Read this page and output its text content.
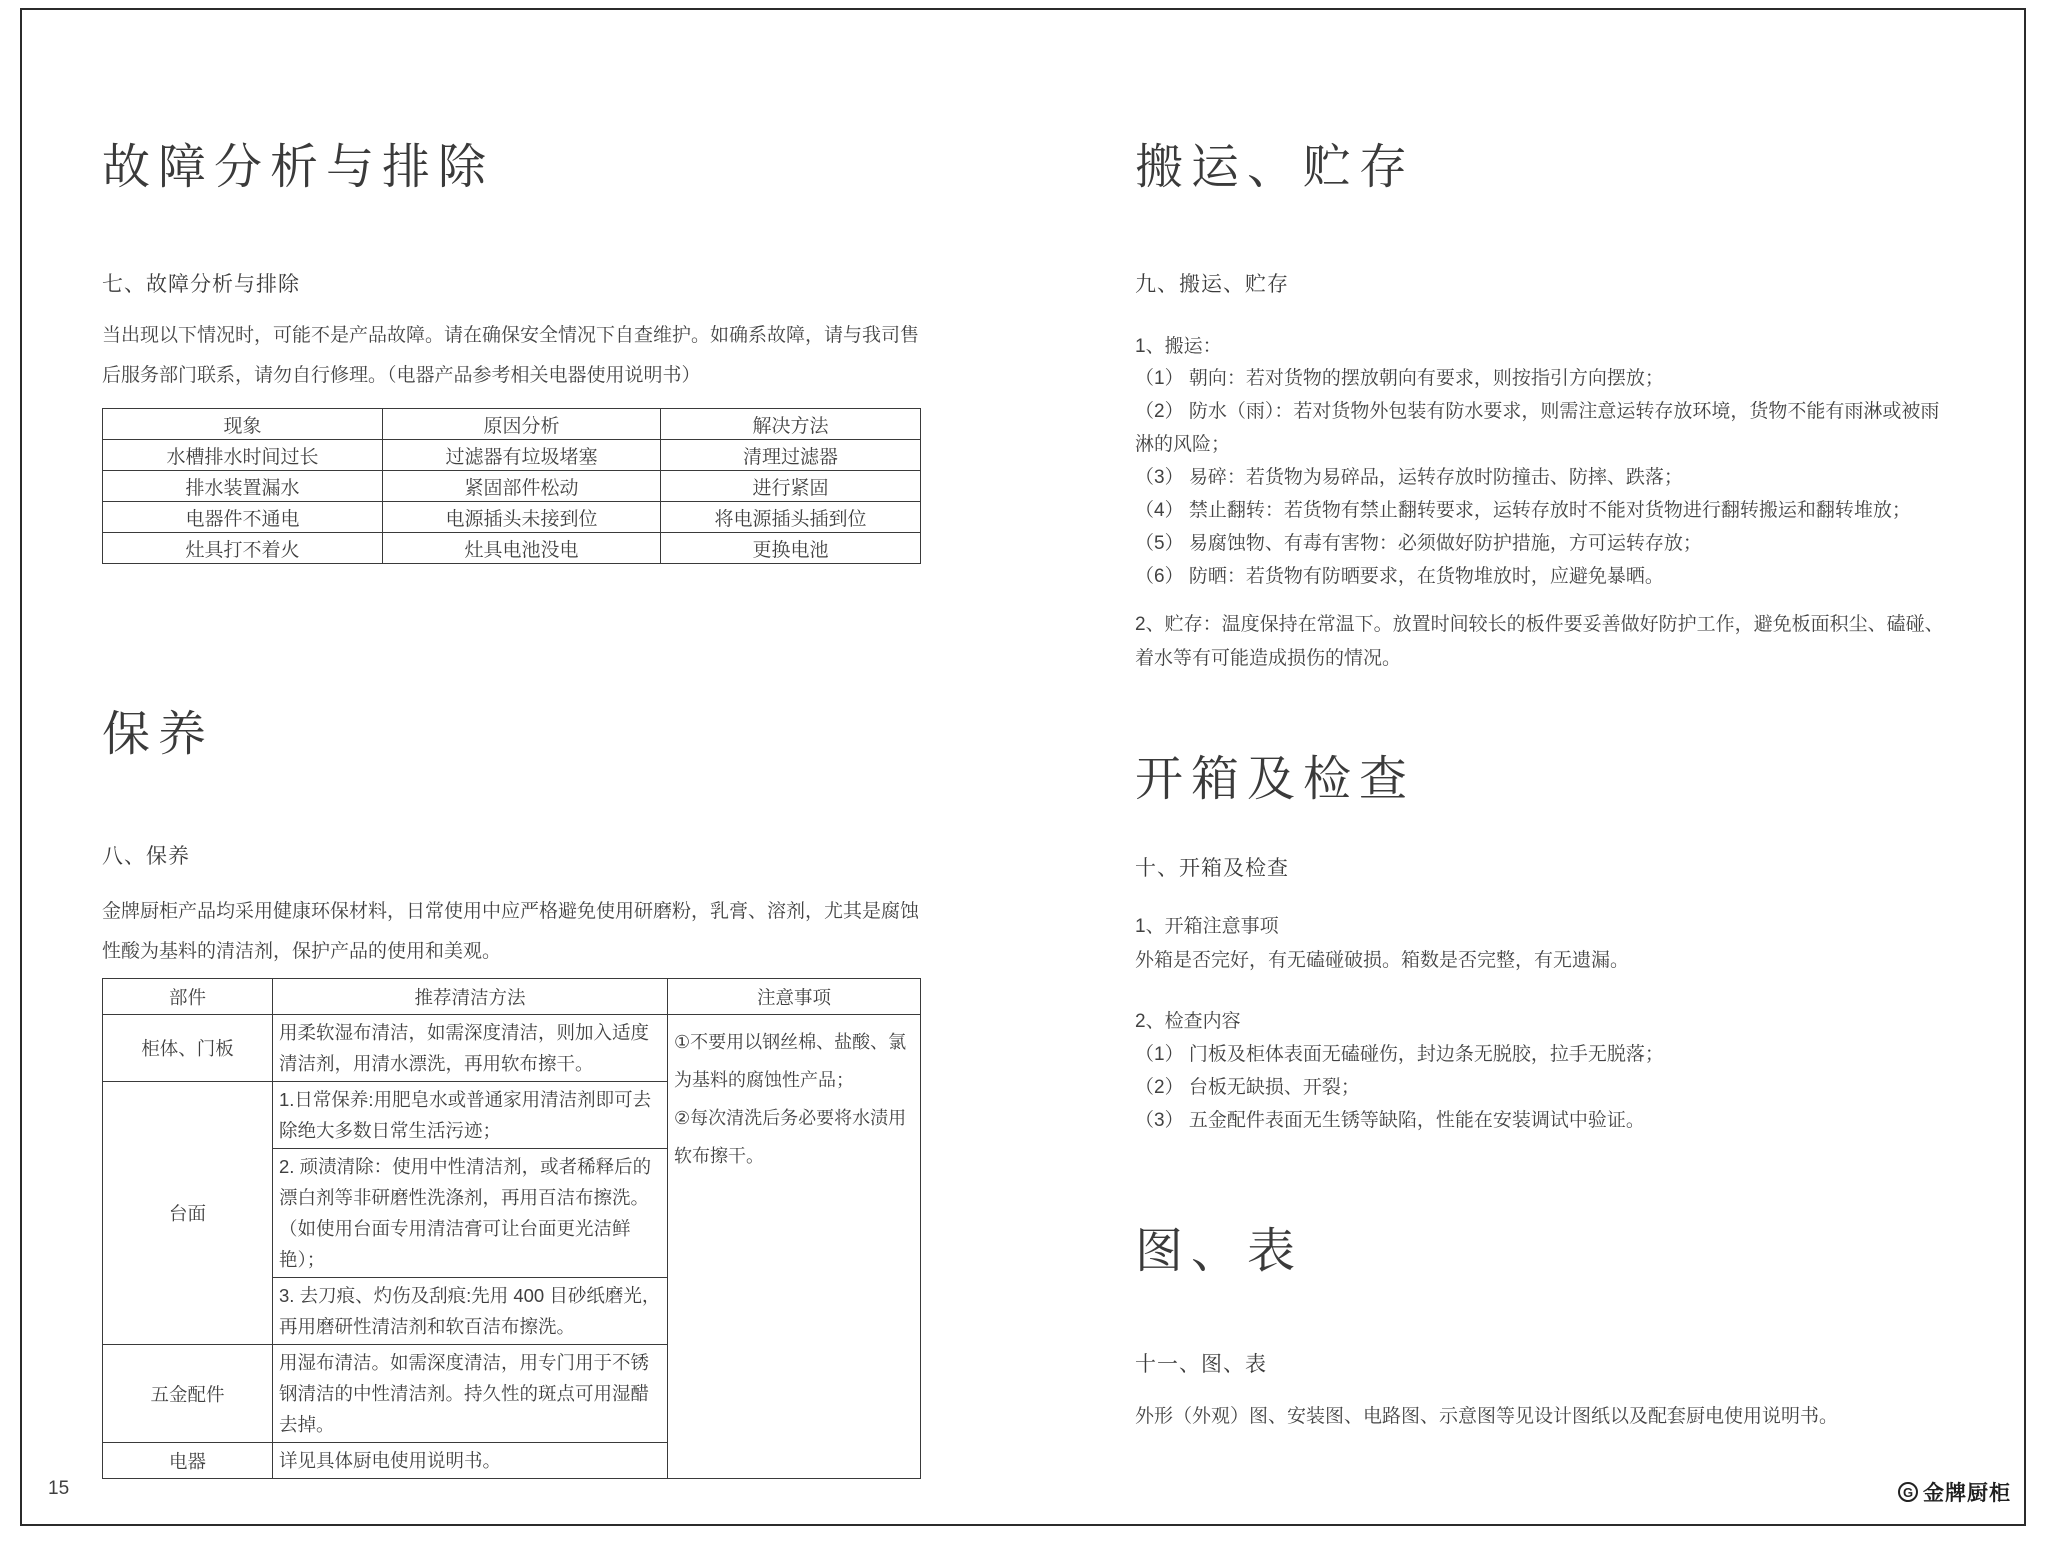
故障分析与排除
七、故障分析与排除
当出现以下情况时，可能不是产品故障。请在确保安全情况下自查维护。如确系故障，请与我司售后服务部门联系，请勿自行修理。（电器产品参考相关电器使用说明书）
现象	原因分析	解决方法
水槽排水时间过长	过滤器有垃圾堵塞	清理过滤器
排水装置漏水	紧固部件松动	进行紧固
电器件不通电	电源插头未接到位	将电源插头插到位
灶具打不着火	灶具电池没电	更换电池
保养
八、保养
金牌厨柜产品均采用健康环保材料，日常使用中应严格避免使用研磨粉，乳膏、溶剂，尤其是腐蚀性酸为基料的清洁剂，保护产品的使用和美观。
部件	推荐清洁方法	注意事项
柜体、门板	用柔软湿布清洁，如需深度清洁，则加入适度清洁剂，用清水漂洗，再用软布擦干。	①不要用以钢丝棉、盐酸、氯为基料的腐蚀性产品；
②每次清洗后务必要将水渍用软布擦干。

台面	1.日常保养:用肥皂水或普通家用清洁剂即可去除绝大多数日常生活污迹；	
	2. 顽渍清除：使用中性清洁剂，或者稀释后的漂白剂等非研磨性洗涤剂，再用百洁布擦洗。（如使用台面专用清洁膏可让台面更光洁鲜艳）；	
	3. 去刀痕、灼伤及刮痕:先用 400 目砂纸磨光，再用磨研性清洁剂和软百洁布擦洗。	
五金配件	用湿布清洁。如需深度清洁，用专门用于不锈钢清洁的中性清洁剂。持久性的斑点可用湿醋去掉。	
电器	详见具体厨电使用说明书。	
搬运、贮存
九、搬运、贮存
1、搬运：
（1） 朝向：若对货物的摆放朝向有要求，则按指引方向摆放；
（2） 防水（雨）：若对货物外包装有防水要求，则需注意运转存放环境，货物不能有雨淋或被雨淋的风险；
（3） 易碎：若货物为易碎品，运转存放时防撞击、防摔、跌落；
（4） 禁止翻转：若货物有禁止翻转要求，运转存放时不能对货物进行翻转搬运和翻转堆放；
（5） 易腐蚀物、有毒有害物：必须做好防护措施，方可运转存放；
（6） 防晒：若货物有防晒要求，在货物堆放时，应避免暴晒。
2、贮存：温度保持在常温下。放置时间较长的板件要妥善做好防护工作，避免板面积尘、磕碰、着水等有可能造成损伤的情况。
开箱及检查
十、开箱及检查
1、开箱注意事项
外箱是否完好，有无磕碰破损。箱数是否完整，有无遗漏。
2、检查内容
（1） 门板及柜体表面无磕碰伤，封边条无脱胶，拉手无脱落；
（2） 台板无缺损、开裂；
（3） 五金配件表面无生锈等缺陷，性能在安装调试中验证。
图、表
十一、图、表
外形（外观）图、安装图、电路图、示意图等见设计图纸以及配套厨电使用说明书。
15	G 金牌厨柜
